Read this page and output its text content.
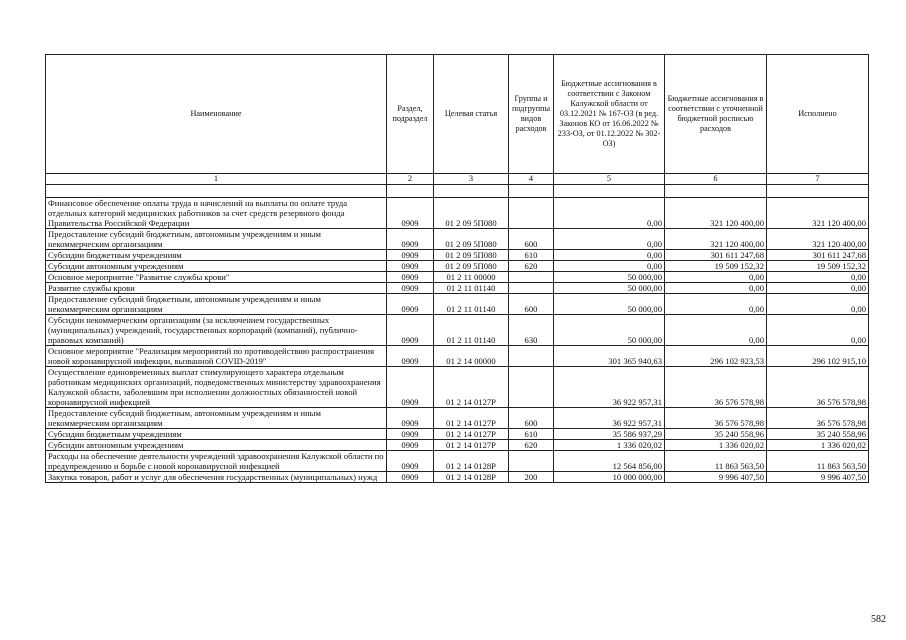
Наименование	Раздел, подраздел	Целевая статья	Группы и подгруппы видов расходов	Бюджетные ассигнования в соответствии с Законом Калужской области от 03.12.2021 № 167-ОЗ (в ред. Законов КО от 16.06.2022 № 233-ОЗ, от 01.12.2022 № 302-ОЗ)	Бюджетные ассигнования в соответствии с уточненной бюджетной росписью расходов	Исполнено
1	2	3	4	5	6	7

Финансовое обеспечение оплаты труда и начислений на выплаты по оплате труда отдельных категорий медицинских работников за счет средств резервного фонда Правительства Российской Федерации	0909	01 2 09 5П080		0,00	321 120 400,00	321 120 400,00
Предоставление субсидий бюджетным, автономным учреждениям и иным некоммерческим организациям	0909	01 2 09 5П080	600	0,00	321 120 400,00	321 120 400,00
Субсидии бюджетным учреждениям	0909	01 2 09 5П080	610	0,00	301 611 247,68	301 611 247,68
Субсидии автономным учреждениям	0909	01 2 09 5П080	620	0,00	19 509 152,32	19 509 152,32
Основное мероприятие "Развитие службы крови"	0909	01 2 11 00000		50 000,00	0,00	0,00
Развитие службы крови	0909	01 2 11 01140		50 000,00	0,00	0,00
Предоставление субсидий бюджетным, автономным учреждениям и иным некоммерческим организациям	0909	01 2 11 01140	600	50 000,00	0,00	0,00
Субсидии некоммерческим организациям (за исключением государственных (муниципальных) учреждений, государственных корпораций (компаний), публично-правовых компаний)	0909	01 2 11 01140	630	50 000,00	0,00	0,00
Основное мероприятие "Реализация мероприятий по противодействию распространения новой коронавирусной инфекции, вызванной COVID-2019"	0909	01 2 14 00000		301 365 940,63	296 102 923,53	296 102 915,10
Осуществление единовременных выплат стимулирующего характера отдельным работникам медицинских организаций, подведомственных министерству здравоохранения Калужской области, заболевшим при исполнении должностных обязанностей новой коронавирусной инфекцией	0909	01 2 14 0127Р		36 922 957,31	36 576 578,98	36 576 578,98
Предоставление субсидий бюджетным, автономным учреждениям и иным некоммерческим организациям	0909	01 2 14 0127Р	600	36 922 957,31	36 576 578,98	36 576 578,98
Субсидии бюджетным учреждениям	0909	01 2 14 0127Р	610	35 586 937,29	35 240 558,96	35 240 558,96
Субсидии автономным учреждениям	0909	01 2 14 0127Р	620	1 336 020,02	1 336 020,02	1 336 020,02
Расходы на обеспечение деятельности учреждений здравоохранения Калужской области по предупреждению и борьбе с новой коронавирусной инфекцией	0909	01 2 14 0128Р		12 564 856,00	11 863 563,50	11 863 563,50
Закупка товаров, работ и услуг для обеспечения государственных (муниципальных) нужд	0909	01 2 14 0128Р	200	10 000 000,00	9 996 407,50	9 996 407,50
582
